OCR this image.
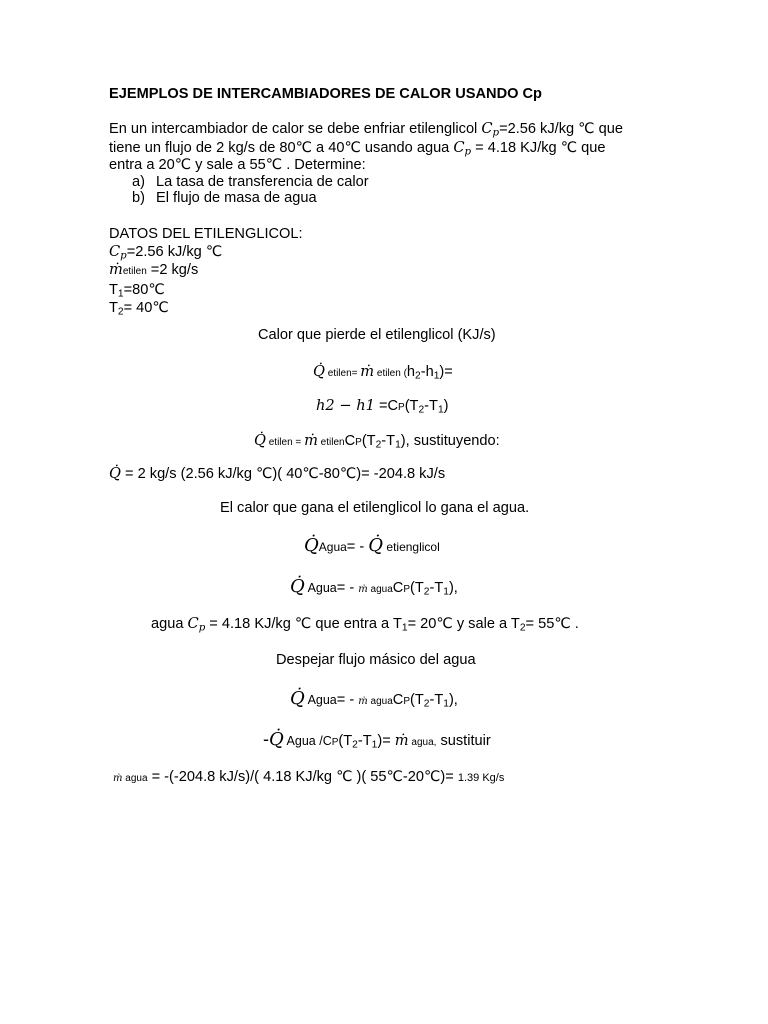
EJEMPLOS DE INTERCAMBIADORES DE CALOR USANDO Cp
En un intercambiador de calor se debe enfriar etilenglicol $C_p=2.56$ kJ/kg ℃ que
tiene un flujo de 2 kg/s de 80℃ a 40℃ usando agua $C_p = 4.18$ KJ/kg ℃ que
entra a 20℃ y sale a 55℃ . Determine:
a) La tasa de transferencia de calor
b) El flujo de masa de agua
DATOS DEL ETILENGLICOL:
$C_p=2.56$ kJ/kg ℃
ṁetilen =2 kg/s
$T_1=80℃$
$T_2=$ 40℃
Calor que pierde el etilenglicol (KJ/s)
Q̇ etilen= ṁ etilen $(h_2-h_1)=$
ℎ2 − ℎ1 $=CP(T_2-T_1)$
Q̇ etilen = ṁ $etilenCP(T_2-T_1)$, sustituyendo:
Q̇ = 2 kg/s (2.56 kJ/kg ℃)( 40℃-80℃)= -204.8 kJ/s
El calor que gana el etilenglicol lo gana el agua.
Q̇Agua= - Q̇ etienglicol
Q̇ Agua= - ṁ $aguaCP(T_2-T_1)$,
agua $C_p = 4.18$ KJ/kg ℃ que entra a $T_1=$ 20℃ y sale a $T_2=$ 55℃ .
Despejar flujo másico del agua
Q̇ Agua= - ṁ $aguaCP(T_2-T_1)$,
-Q̇ Agua $/CP(T_2-T_1)=$ ṁ agua, sustituir
ṁ agua = -(-204.8 kJ/s)/( 4.18 KJ/kg ℃ )( 55℃-20℃)= 1.39 Kg/s
